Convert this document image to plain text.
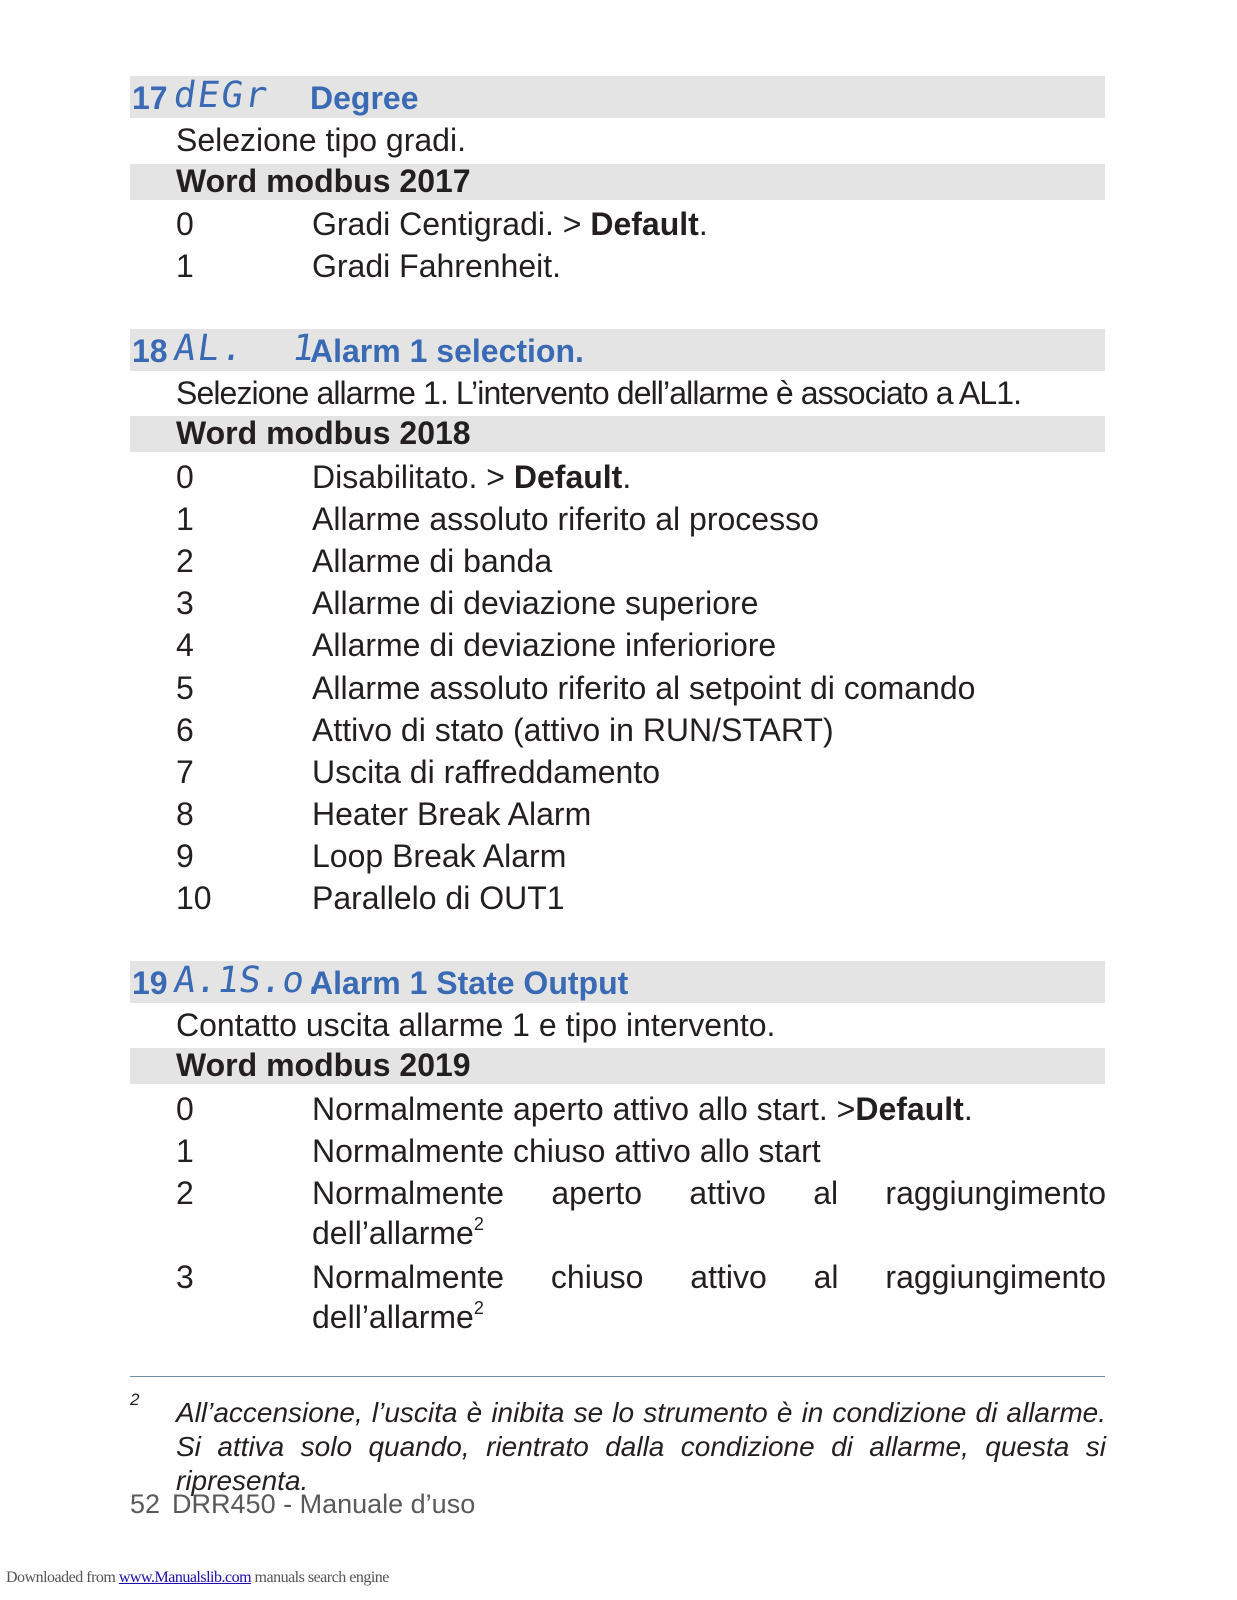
17 dEGr Degree
Selezione tipo gradi.
Word modbus 2017
0	Gradi Centigradi. > Default.
1	Gradi Fahrenheit.
18 AL.  1
Alarm 1 selection.
Selezione allarme 1. L’intervento dell’allarme è associato a AL1.
Word modbus 2018
0	Disabilitato. > Default.
1	Allarme assoluto riferito al processo
2	Allarme di banda
3	Allarme di deviazione superiore
4	Allarme di deviazione inferioriore
5	Allarme assoluto riferito al setpoint di comando
6	Attivo di stato (attivo in RUN/START)
7	Uscita di raffreddamento
8	Heater Break Alarm
9	Loop Break Alarm
10	Parallelo di OUT1
19 A.1S.o.
Alarm 1 State Output
Contatto uscita allarme 1 e tipo intervento.
Word modbus 2019
0	Normalmente aperto attivo allo start. >Default.
1	Normalmente chiuso attivo allo start
2	Normalmente aperto attivo al raggiungimento
dell’allarme$^2$
3	Normalmente chiuso attivo al raggiungimento
dell’allarme$^2$
2 All’accensione, l’uscita è inibita se lo strumento è in condizione di allarme. Si attiva solo quando, rientrato dalla condizione di allarme, questa si ripresenta.
52 DRR450 - Manuale d’uso
Downloaded from www.Manualslib.com manuals search engine
